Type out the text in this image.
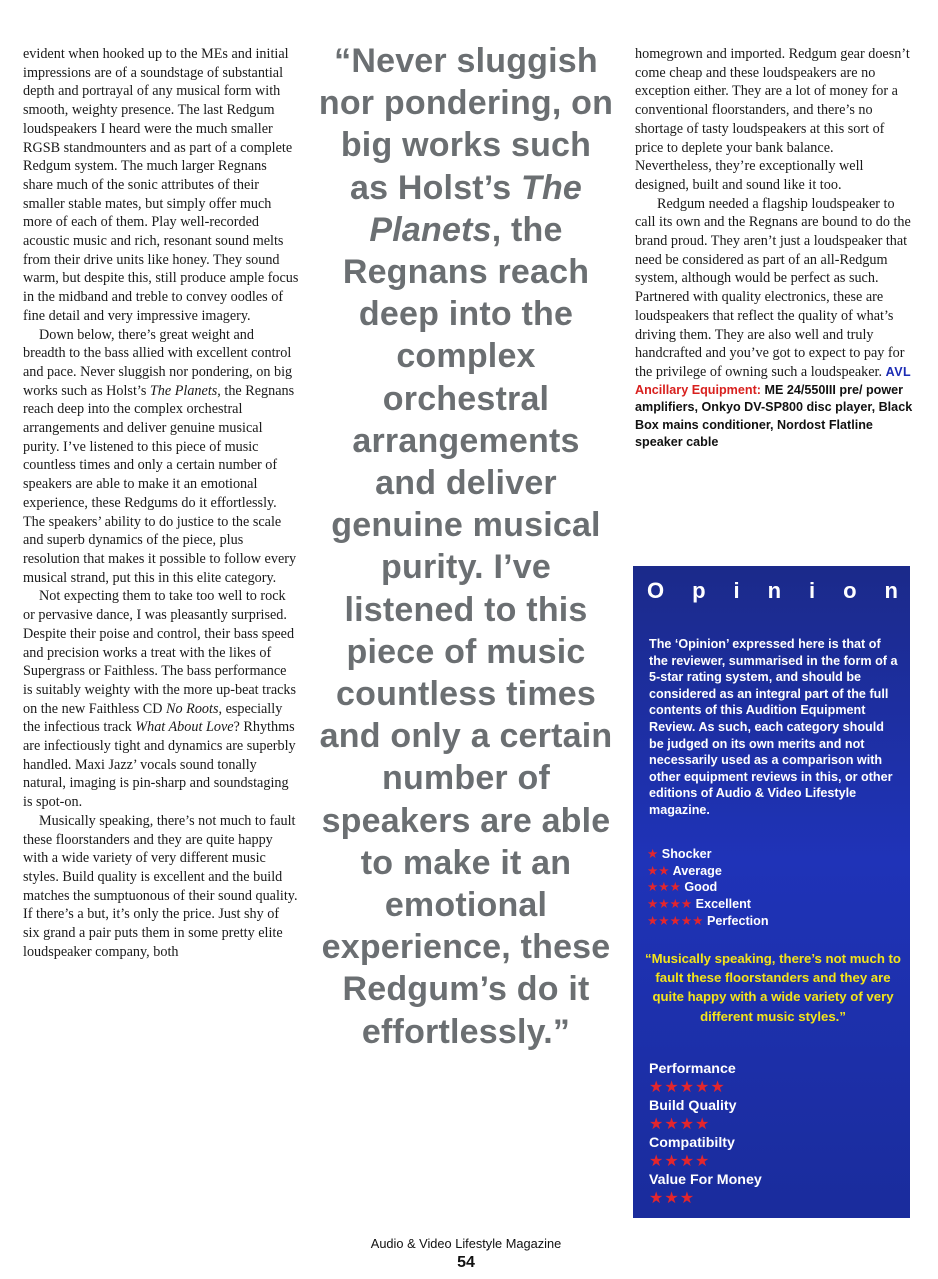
evident when hooked up to the MEs and initial impressions are of a soundstage of substantial depth and portrayal of any musical form with smooth, weighty presence. The last Redgum loudspeakers I heard were the much smaller RGSB standmounters and as part of a complete Redgum system. The much larger Regnans share much of the sonic attributes of their smaller stable mates, but simply offer much more of each of them. Play well-recorded acoustic music and rich, resonant sound melts from their drive units like honey. They sound warm, but despite this, still produce ample focus in the midband and treble to convey oodles of fine detail and very impressive imagery.

Down below, there’s great weight and breadth to the bass allied with excellent control and pace. Never sluggish nor pondering, on big works such as Holst’s The Planets, the Regnans reach deep into the complex orchestral arrangements and deliver genuine musical purity. I’ve listened to this piece of music countless times and only a certain number of speakers are able to make it an emotional experience, these Redgums do it effortlessly. The speakers’ ability to do justice to the scale and superb dynamics of the piece, plus resolution that makes it possible to follow every musical strand, put this in this elite category.

Not expecting them to take too well to rock or pervasive dance, I was pleasantly surprised. Despite their poise and control, their bass speed and precision works a treat with the likes of Supergrass or Faithless. The bass performance is suitably weighty with the more up-beat tracks on the new Faithless CD No Roots, especially the infectious track What About Love? Rhythms are infectiously tight and dynamics are superbly handled. Maxi Jazz’ vocals sound tonally natural, imaging is pin-sharp and soundstaging is spot-on.

Musically speaking, there’s not much to fault these floorstanders and they are quite happy with a wide variety of very different music styles. Build quality is excellent and the build matches the sumptuonous of their sound quality. If there’s a but, it’s only the price. Just shy of six grand a pair puts them in some pretty elite loudspeaker company, both

“Never sluggish nor pondering, on big works such as Holst’s The Planets, the Regnans reach deep into the complex orchestral arrangements and deliver genuine musical purity. I’ve listened to this piece of music countless times and only a certain number of speakers are able to make it an emotional experience, these Redgum’s do it effortlessly.”

homegrown and imported. Redgum gear doesn’t come cheap and these loudspeakers are no exception either. They are a lot of money for a conventional floorstanders, and there’s no shortage of tasty loudspeakers at this sort of price to deplete your bank balance. Nevertheless, they’re exceptionally well designed, built and sound like it too.

Redgum needed a flagship loudspeaker to call its own and the Regnans are bound to do the brand proud. They aren’t just a loudspeaker that need be considered as part of an all-Redgum system, although would be perfect as such. Partnered with quality electronics, these are loudspeakers that reflect the quality of what’s driving them. They are also well and truly handcrafted and you’ve got to expect to pay for the privilege of owning such a loudspeaker. AVL

Ancillary Equipment: ME 24/550III pre/ power amplifiers, Onkyo DV-SP800 disc player, Black Box mains conditioner, Nordost Flatline speaker cable

O p i n i o n
The ‘Opinion’ expressed here is that of the reviewer, summarised in the form of a 5-star rating system, and should be considered as an integral part of the full contents of this Audition Equipment Review. As such, each category should be judged on its own merits and not necessarily used as a comparison with other equipment reviews in this, or other editions of Audio & Video Lifestyle magazine.
★ Shocker
★★ Average
★★★ Good
★★★★ Excellent
★★★★★ Perfection
“Musically speaking, there’s not much to fault these floorstanders and they are quite happy with a wide variety of very different music styles.”
Performance
★★★★★
Build Quality
★★★★
Compatibilty
★★★★
Value For Money
★★★
Audio & Video Lifestyle Magazine
54
